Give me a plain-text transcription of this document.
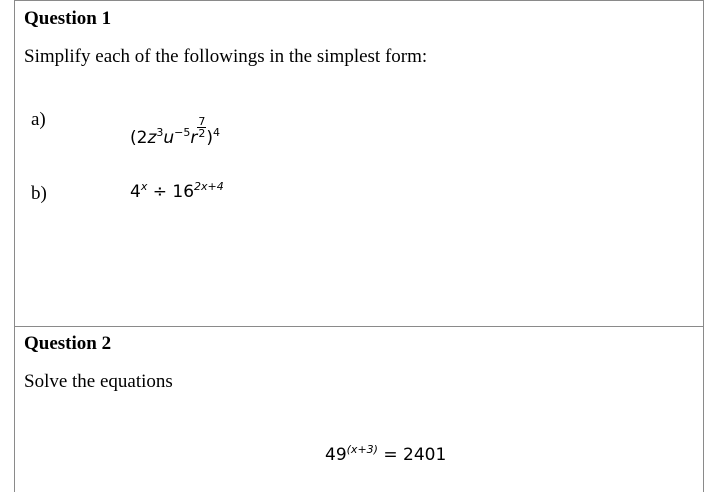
Question 1
Simplify each of the followings in the simplest form:
a)
$(2z^3u^{-5}r \frac{7}{2} )^4$
b)	$4^x \div 16^{2x+4}$
Question 2
Solve the equations
$49^{(x+3)} = 2401$
